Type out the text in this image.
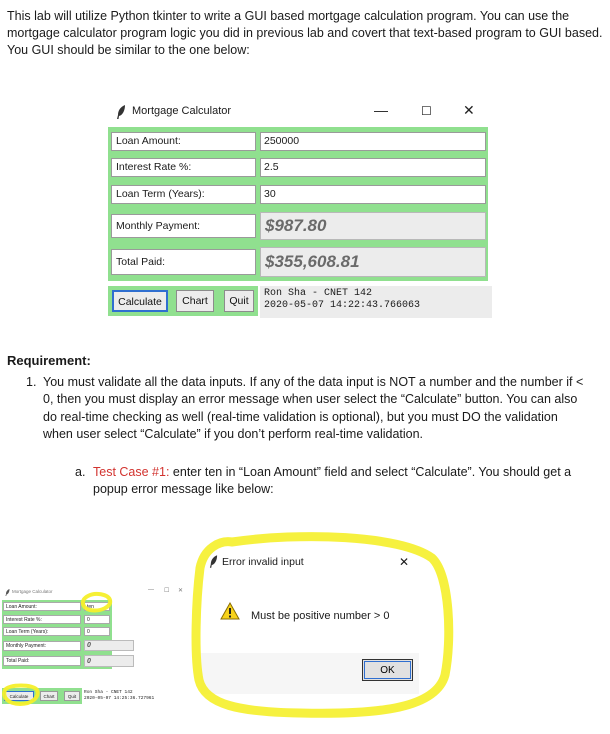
This lab will utilize Python tkinter to write a GUI based mortgage calculation program. You can use the mortgage calculator program logic you did in previous lab and covert that text-based program to GUI based. You GUI should be similar to the one below:
Mortgage Calculator	—	☐ ✕
Loan Amount:	250000
Interest Rate %:	2.5
Loan Term (Years):	30
Monthly Payment:	$987.80
Total Paid:	$355,608.81
Calculate	Chart	Quit
Ron Sha - CNET 142
2020-05-07 14:22:43.766063
Requirement:
1. You must validate all the data inputs. If any of the data input is NOT a number and the number if < 0, then you must display an error message when user select the “Calculate” button. You can also do real-time checking as well (real-time validation is optional), but you must DO the validation when user select “Calculate” if you don’t perform real-time validation.
a. Test Case #1: enter ten in “Loan Amount” field and select “Calculate”. You should get a popup error message like below:
Mortgage Calculator	— ☐ ✕
Loan Amount:	ten
Interest Rate %:	0
Loan Term (Years):	0
Monthly Payment:	0
Total Paid:	0
Calculate	Chart	Quit
Ron Sha - CNET 142
2020-05-07 14:25:36.727961
Error invalid input	✕
Must be positive number > 0
OK
